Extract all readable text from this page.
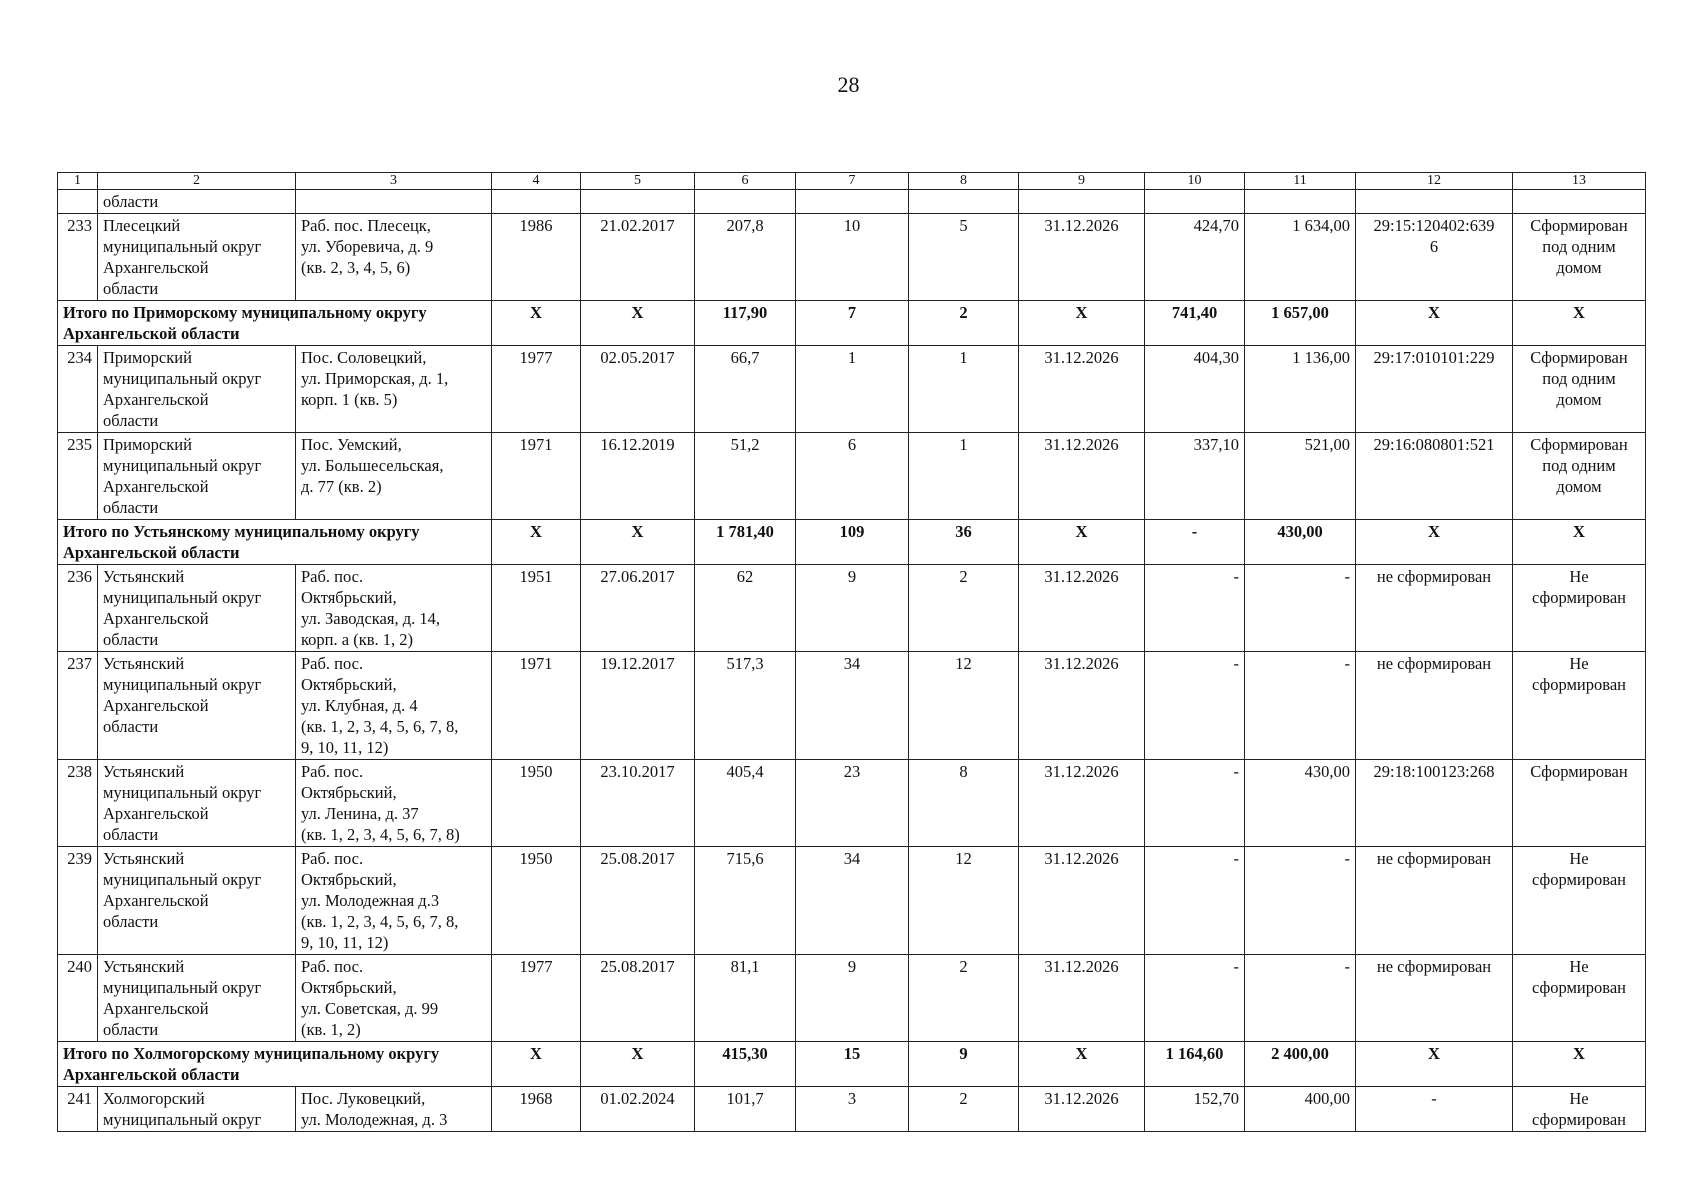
28
1	2	3	4	5	6	7	8	9	10	11	12	13
	области											
233	Плесецкий
муниципальный округ
Архангельской
области	Раб. пос. Плесецк,
ул. Уборевича, д. 9
(кв. 2, 3, 4, 5, 6)	1986	21.02.2017	207,8	10	5	31.12.2026	424,70	1 634,00	29:15:120402:639
6	Сформирован
под одним
домом
Итого по Приморскому муниципальному округу
Архангельской области			X	X	117,90	7	2	X	741,40	1 657,00	X	X
234	Приморский
муниципальный округ
Архангельской
области	Пос. Соловецкий,
ул. Приморская, д. 1,
корп. 1 (кв. 5)	1977	02.05.2017	66,7	1	1	31.12.2026	404,30	1 136,00	29:17:010101:229	Сформирован
под одним
домом
235	Приморский
муниципальный округ
Архангельской
области	Пос. Уемский,
ул. Большесельская,
д. 77 (кв. 2)	1971	16.12.2019	51,2	6	1	31.12.2026	337,10	521,00	29:16:080801:521	Сформирован
под одним
домом
Итого по Устьянскому муниципальному округу
Архангельской области			X	X	1 781,40	109	36	X	-	430,00	X	X
236	Устьянский
муниципальный округ
Архангельской
области	Раб. пос.
Октябрьский,
ул. Заводская, д. 14,
корп. а (кв. 1, 2)	1951	27.06.2017	62	9	2	31.12.2026	-	-	не сформирован	Не
сформирован
237	Устьянский
муниципальный округ
Архангельской
области	Раб. пос.
Октябрьский,
ул. Клубная, д. 4
(кв. 1, 2, 3, 4, 5, 6, 7, 8,
9, 10, 11, 12)	1971	19.12.2017	517,3	34	12	31.12.2026	-	-	не сформирован	Не
сформирован
238	Устьянский
муниципальный округ
Архангельской
области	Раб. пос.
Октябрьский,
ул. Ленина, д. 37
(кв. 1, 2, 3, 4, 5, 6, 7, 8)	1950	23.10.2017	405,4	23	8	31.12.2026	-	430,00	29:18:100123:268	Сформирован
239	Устьянский
муниципальный округ
Архангельской
области	Раб. пос.
Октябрьский,
ул. Молодежная д.3
(кв. 1, 2, 3, 4, 5, 6, 7, 8,
9, 10, 11, 12)	1950	25.08.2017	715,6	34	12	31.12.2026	-	-	не сформирован	Не
сформирован
240	Устьянский
муниципальный округ
Архангельской
области	Раб. пос.
Октябрьский,
ул. Советская, д. 99
(кв. 1, 2)	1977	25.08.2017	81,1	9	2	31.12.2026	-	-	не сформирован	Не
сформирован
Итого по Холмогорскому муниципальному округу
Архангельской области			X	X	415,30	15	9	X	1 164,60	2 400,00	X	X
241	Холмогорский
муниципальный округ	Пос. Луковецкий,
ул. Молодежная, д. 3	1968	01.02.2024	101,7	3	2	31.12.2026	152,70	400,00	-	Не
сформирован
